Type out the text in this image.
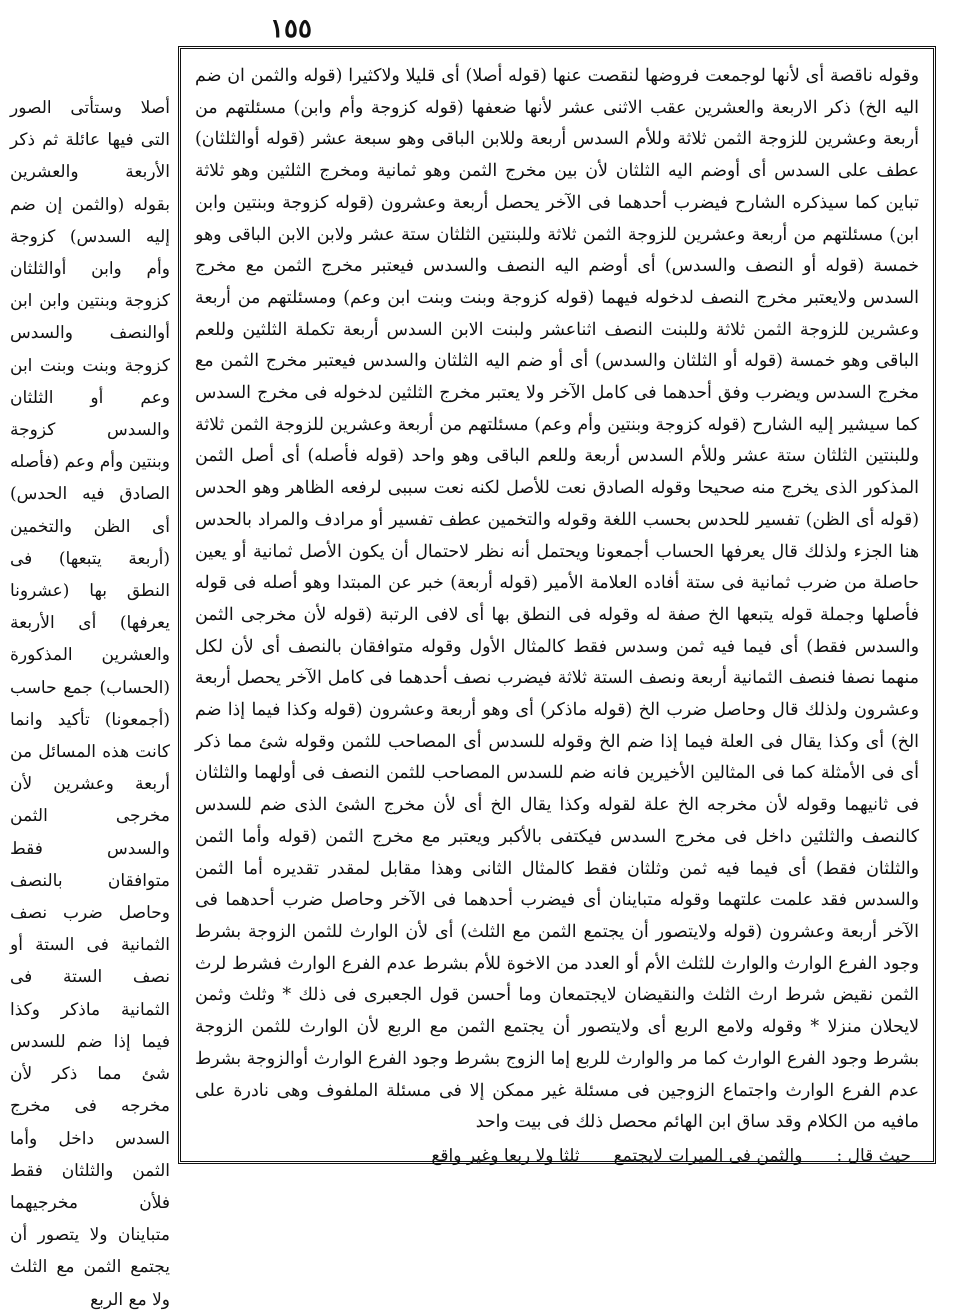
١٥٥

أصلا وستأتى الصور التى فيها عائلة ثم ذكر الأربعة والعشرين بقوله (والثمن إن ضم إليه السدس) كزوجة وأم وابن أوالثلثان كزوجة وبنتين وابن ابن أوالنصف والسدس كزوجة وبنت وبنت ابن وعم أو الثلثان والسدس كزوجة وبنتين وأم وعم (فأصله الصادق فيه الحدس) أى الظن والتخمين (أربعة يتبعها) فى النطق بها (عشرونا يعرفها) أى الأربعة والعشرين المذكورة (الحساب) جمع حاسب (أجمعونا) تأكيد وانما كانت هذه المسائل من أربعة وعشرين لأن مخرجى الثمن والسدس فقط متوافقان بالنصف وحاصل ضرب نصف الثمانية فى الستة أو نصف الستة فى الثمانية ماذكر وكذا فيما إذا ضم للسدس شئ مما ذكر لأن مخرجه فى مخرج السدس داخل وأما الثمن والثلثان فقط فلأن مخرجيهما متباينان ولا يتصور أن يجتمع الثمن مع الثلث ولا مع الربع

وقوله ناقصة أى لأنها لوجمعت فروضها لنقصت عنها (قوله أصلا) أى قليلا ولاكثيرا (قوله والثمن ان ضم اليه الخ) ذكر الاربعة والعشرين عقب الاثنى عشر لأنها ضعفها (قوله كزوجة وأم وابن) مسئلتهم من أربعة وعشرين للزوجة الثمن ثلاثة وللأم السدس أربعة وللابن الباقى وهو سبعة عشر (قوله أوالثلثان) عطف على السدس أى أوضم اليه الثلثان لأن بين مخرج الثمن وهو ثمانية ومخرج الثلثين وهو ثلاثة تباين كما سيذكره الشارح فيضرب أحدهما فى الآخر يحصل أربعة وعشرون (قوله كزوجة وبنتين وابن ابن) مسئلتهم من أربعة وعشرين للزوجة الثمن ثلاثة وللبنتين الثلثان ستة عشر ولابن الابن الباقى وهو خمسة (قوله أو النصف والسدس) أى أوضم اليه النصف والسدس فيعتبر مخرج الثمن مع مخرج السدس ولايعتبر مخرج النصف لدخوله فيهما (قوله كزوجة وبنت وبنت ابن وعم) ومسئلتهم من أربعة وعشرين للزوجة الثمن ثلاثة وللبنت النصف اثناعشر ولبنت الابن السدس أربعة تكملة الثلثين وللعم الباقى وهو خمسة (قوله أو الثلثان والسدس) أى أو ضم اليه الثلثان والسدس فيعتبر مخرج الثمن مع مخرج السدس ويضرب وفق أحدهما فى كامل الآخر ولا يعتبر مخرج الثلثين لدخوله فى مخرج السدس كما سيشير إليه الشارح (قوله كزوجة وبنتين وأم وعم) مسئلتهم من أربعة وعشرين للزوجة الثمن ثلاثة وللبنتين الثلثان ستة عشر وللأم السدس أربعة وللعم الباقى وهو واحد (قوله فأصله) أى أصل الثمن المذكور الذى يخرج منه صحيحا وقوله الصادق نعت للأصل لكنه نعت سببى لرفعه الظاهر وهو الحدس (قوله أى الظن) تفسير للحدس بحسب اللغة وقوله والتخمين عطف تفسير أو مرادف والمراد بالحدس هنا الجزء ولذلك قال يعرفها الحساب أجمعونا ويحتمل أنه نظر لاحتمال أن يكون الأصل ثمانية أو يعين حاصلة من ضرب ثمانية فى ستة أفاده العلامة الأمير (قوله أربعة) خبر عن المبتدا وهو أصله فى قوله فأصلها وجملة قوله يتبعها الخ صفة له وقوله فى النطق بها أى لافى الرتبة (قوله لأن مخرجى الثمن والسدس فقط) أى فيما فيه ثمن وسدس فقط كالمثال الأول وقوله متوافقان بالنصف أى لأن لكل منهما نصفا فنصف الثمانية أربعة ونصف الستة ثلاثة فيضرب نصف أحدهما فى كامل الآخر يحصل أربعة وعشرون ولذلك قال وحاصل ضرب الخ (قوله ماذكر) أى وهو أربعة وعشرون (قوله وكذا فيما إذا ضم الخ) أى وكذا يقال فى العلة فيما إذا ضم الخ وقوله للسدس أى المصاحب للثمن وقوله شئ مما ذكر أى فى الأمثلة كما فى المثالين الأخيرين فانه ضم للسدس المصاحب للثمن النصف فى أولهما والثلثان فى ثانيهما وقوله لأن مخرجه الخ علة لقوله وكذا يقال الخ أى لأن مخرج الشئ الذى ضم للسدس كالنصف والثلثين داخل فى مخرج السدس فيكتفى بالأكبر ويعتبر مع مخرج الثمن (قوله وأما الثمن والثلثان فقط) أى فيما فيه ثمن وثلثان فقط كالمثال الثانى وهذا مقابل لمقدر تقديره أما الثمن والسدس فقد علمت علتهما وقوله متباينان أى فيضرب أحدهما فى الآخر وحاصل ضرب أحدهما فى الآخر أربعة وعشرون (قوله ولايتصور أن يجتمع الثمن مع الثلث) أى لأن الوارث للثمن الزوجة بشرط وجود الفرع الوارث والوارث للثلث الأم أو العدد من الاخوة للأم بشرط عدم الفرع الوارث فشرط لرث الثمن نقيض شرط ارث الثلث والنقيضان لايجتمعان وما أحسن قول الجعبرى فى ذلك * وثلث وثمن لايحلان منزلا * وقوله ولامع الربع أى ولايتصور أن يجتمع الثمن مع الربع لأن الوارث للثمن الزوجة بشرط وجود الفرع الوارث كما مر والوارث للربع إما الزوج بشرط وجود الفرع الوارث أوالزوجة بشرط عدم الفرع الوارث واجتماع الزوجين فى مسئلة غير ممكن إلا فى مسئلة الملفوف وهى نادرة على مافيه من الكلام وقد ساق ابن الهائم محصل ذلك فى بيت واحد

حيث قال :
والثمن فى الميرات لايجتمع
ثلثا ولا ربعا وغير واقع
